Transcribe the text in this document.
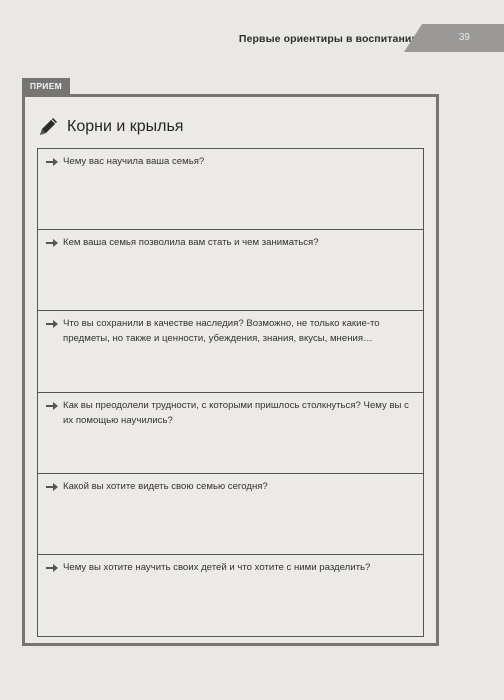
Первые ориентиры в воспитании	39
ПРИЕМ
Корни и крылья
Чему вас научила ваша семья?
Кем ваша семья позволила вам стать и чем заниматься?
Что вы сохранили в качестве наследия? Возможно, не только какие-то предметы, но также и ценности, убеждения, знания, вкусы, мнения…
Как вы преодолели трудности, с которыми пришлось столкнуться? Чему вы с их помощью научились?
Какой вы хотите видеть свою семью сегодня?
Чему вы хотите научить своих детей и что хотите с ними разделить?
